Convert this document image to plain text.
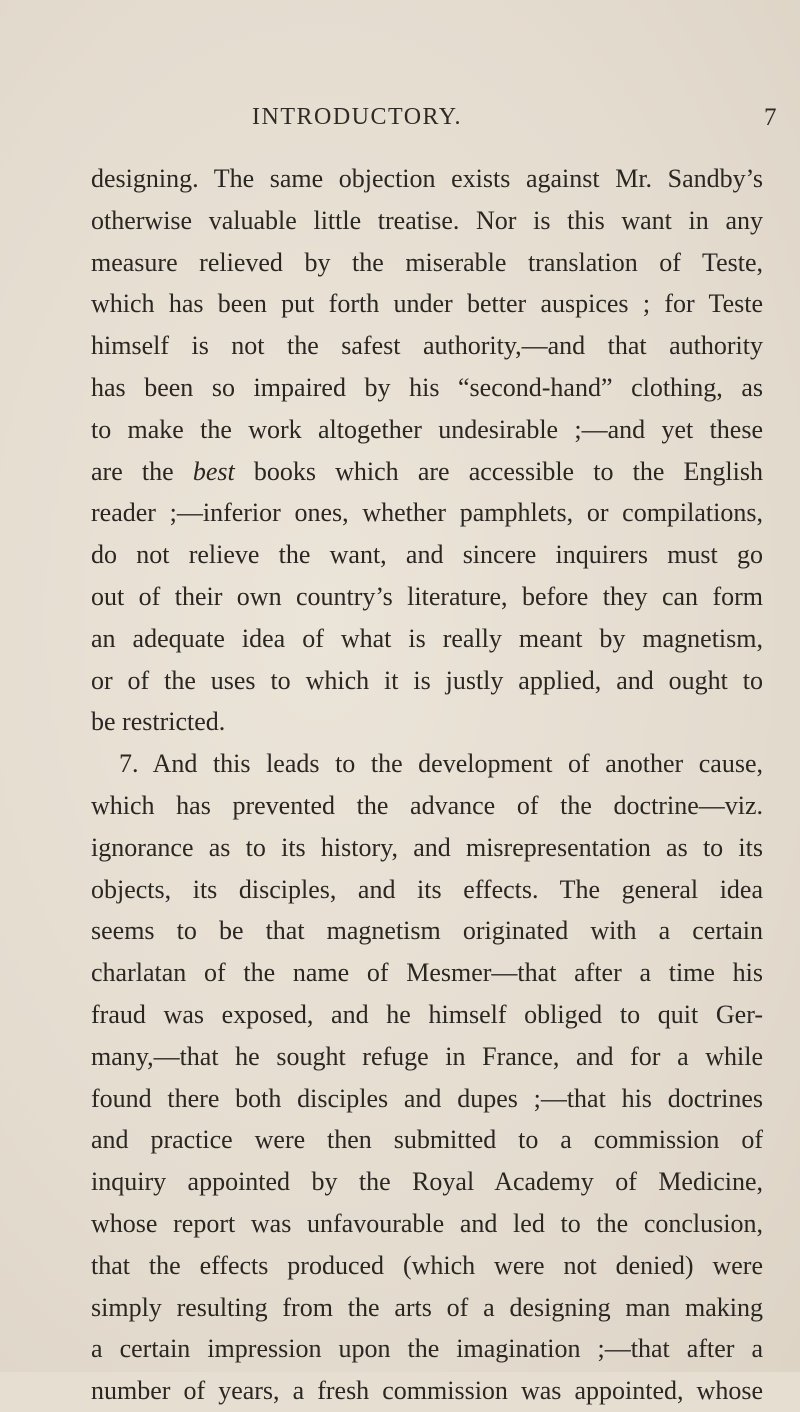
INTRODUCTORY.	7
designing. The same objection exists against Mr. Sandby’s
otherwise valuable little treatise. Nor is this want in any
measure relieved by the miserable translation of Teste,
which has been put forth under better auspices ; for Teste
himself is not the safest authority,—and that authority
has been so impaired by his “second-hand” clothing, as
to make the work altogether undesirable ;—and yet these
are the best books which are accessible to the English
reader ;—inferior ones, whether pamphlets, or compilations,
do not relieve the want, and sincere inquirers must go
out of their own country’s literature, before they can form
an adequate idea of what is really meant by magnetism,
or of the uses to which it is justly applied, and ought to
be restricted.
7. And this leads to the development of another cause,
which has prevented the advance of the doctrine—viz.
ignorance as to its history, and misrepresentation as to its
objects, its disciples, and its effects. The general idea
seems to be that magnetism originated with a certain
charlatan of the name of Mesmer—that after a time his
fraud was exposed, and he himself obliged to quit Ger-
many,—that he sought refuge in France, and for a while
found there both disciples and dupes ;—that his doctrines
and practice were then submitted to a commission of
inquiry appointed by the Royal Academy of Medicine,
whose report was unfavourable and led to the conclusion,
that the effects produced (which were not denied) were
simply resulting from the arts of a designing man making
a certain impression upon the imagination ;—that after a
number of years, a fresh commission was appointed, whose
